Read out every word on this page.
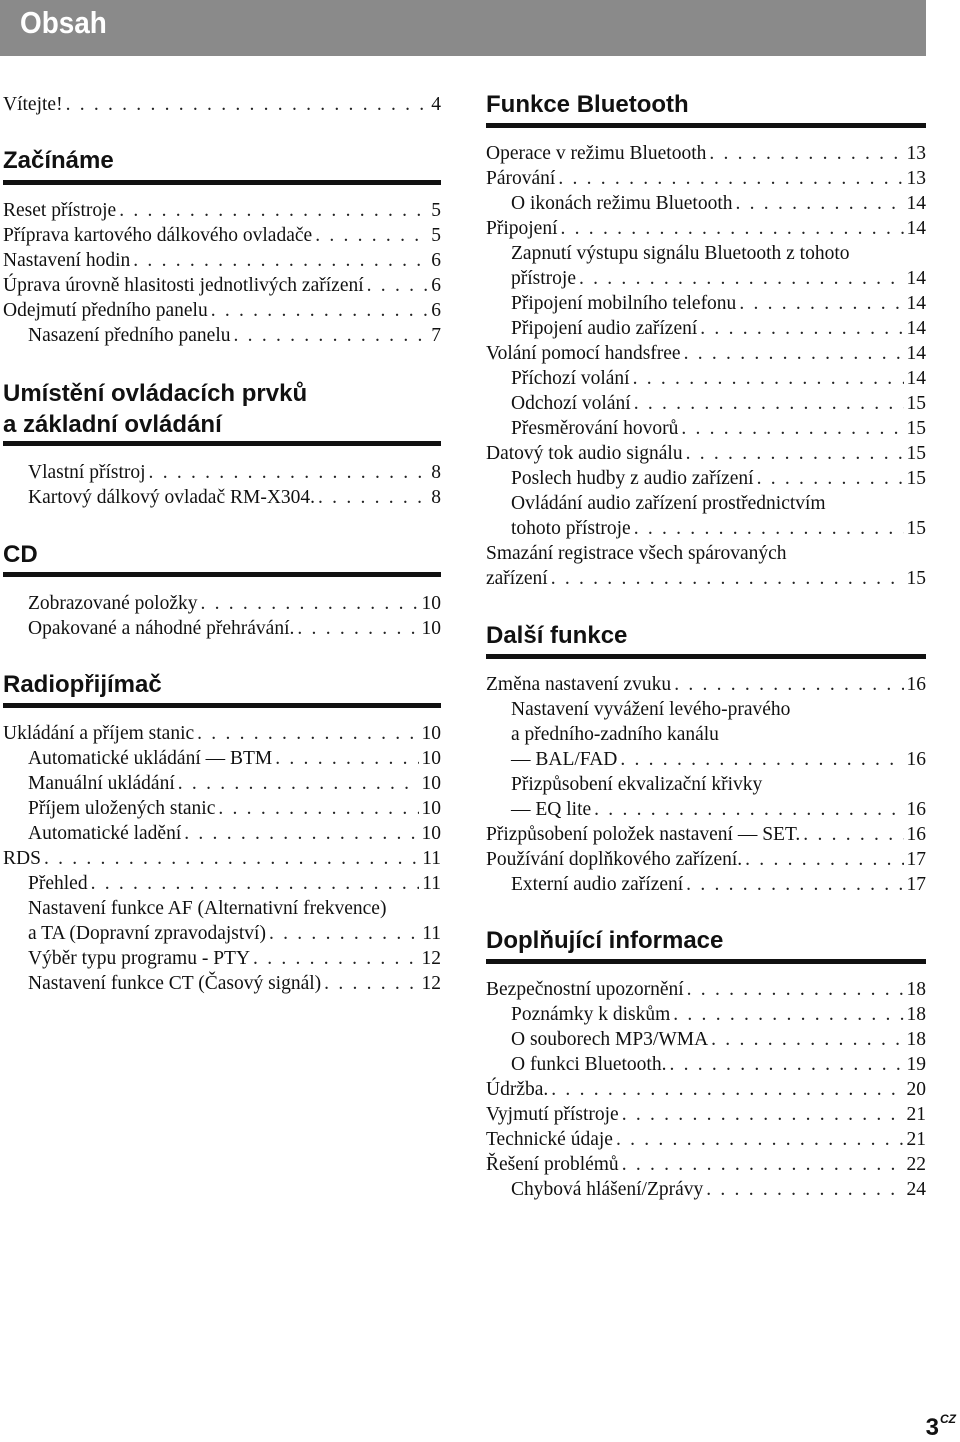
Obsah
Vítejte! . . .	4
Začínáme
Reset přístroje . . .	5
Příprava kartového dálkového ovladače . . .	5
Nastavení hodin . . .	6
Úprava úrovně hlasitosti jednotlivých zařízení . . .	6
Odejmutí předního panelu . . .	6
Nasazení předního panelu . . .	7
Umístění ovládacích prvků
a základní ovládání
Vlastní přístroj . . .	8
Kartový dálkový ovladač RM-X304. . . .	8
CD
Zobrazované položky . . .	10
Opakované a náhodné přehrávání. . . .	10
Radiopřijímač
Ukládání a příjem stanic . . .	10
Automatické ukládání — BTM . . .	10
Manuální ukládání . . .	10
Příjem uložených stanic . . .	10
Automatické ladění . . .	10
RDS . . .	11
Přehled . . .	11
Nastavení funkce AF (Alternativní frekvence)
a TA (Dopravní zpravodajství) . . .	11
Výběr typu programu - PTY . . .	12
Nastavení funkce CT (Časový signál) . . .	12
Funkce Bluetooth
Operace v režimu Bluetooth . . .	13
Párování . . .	13
O ikonách režimu Bluetooth . . .	14
Připojení . . .	14
Zapnutí výstupu signálu Bluetooth z tohoto
přístroje . . .	14
Připojení mobilního telefonu . . .	14
Připojení audio zařízení . . .	14
Volání pomocí handsfree . . .	14
Příchozí volání . . .	14
Odchozí volání . . .	15
Přesměrování hovorů . . .	15
Datový tok audio signálu . . .	15
Poslech hudby z audio zařízení . . .	15
Ovládání audio zařízení prostřednictvím
tohoto přístroje . . .	15
Smazání registrace všech spárovaných
zařízení . . .	15
Další funkce
Změna nastavení zvuku . . .	16
Nastavení vyvážení levého-pravého
a předního-zadního kanálu
— BAL/FAD . . .	16
Přizpůsobení ekvalizační křivky
— EQ lite . . .	16
Přizpůsobení položek nastavení — SET. . . .	16
Používání doplňkového zařízení. . . .	17
Externí audio zařízení . . .	17
Doplňující informace
Bezpečnostní upozornění . . .	18
Poznámky k diskům . . .	18
O souborech MP3/WMA . . .	18
O funkci Bluetooth. . . .	19
Údržba. . . .	20
Vyjmutí přístroje . . .	21
Technické údaje . . .	21
Řešení problémů . . .	22
Chybová hlášení/Zprávy . . .	24
$3^{CZ}$
